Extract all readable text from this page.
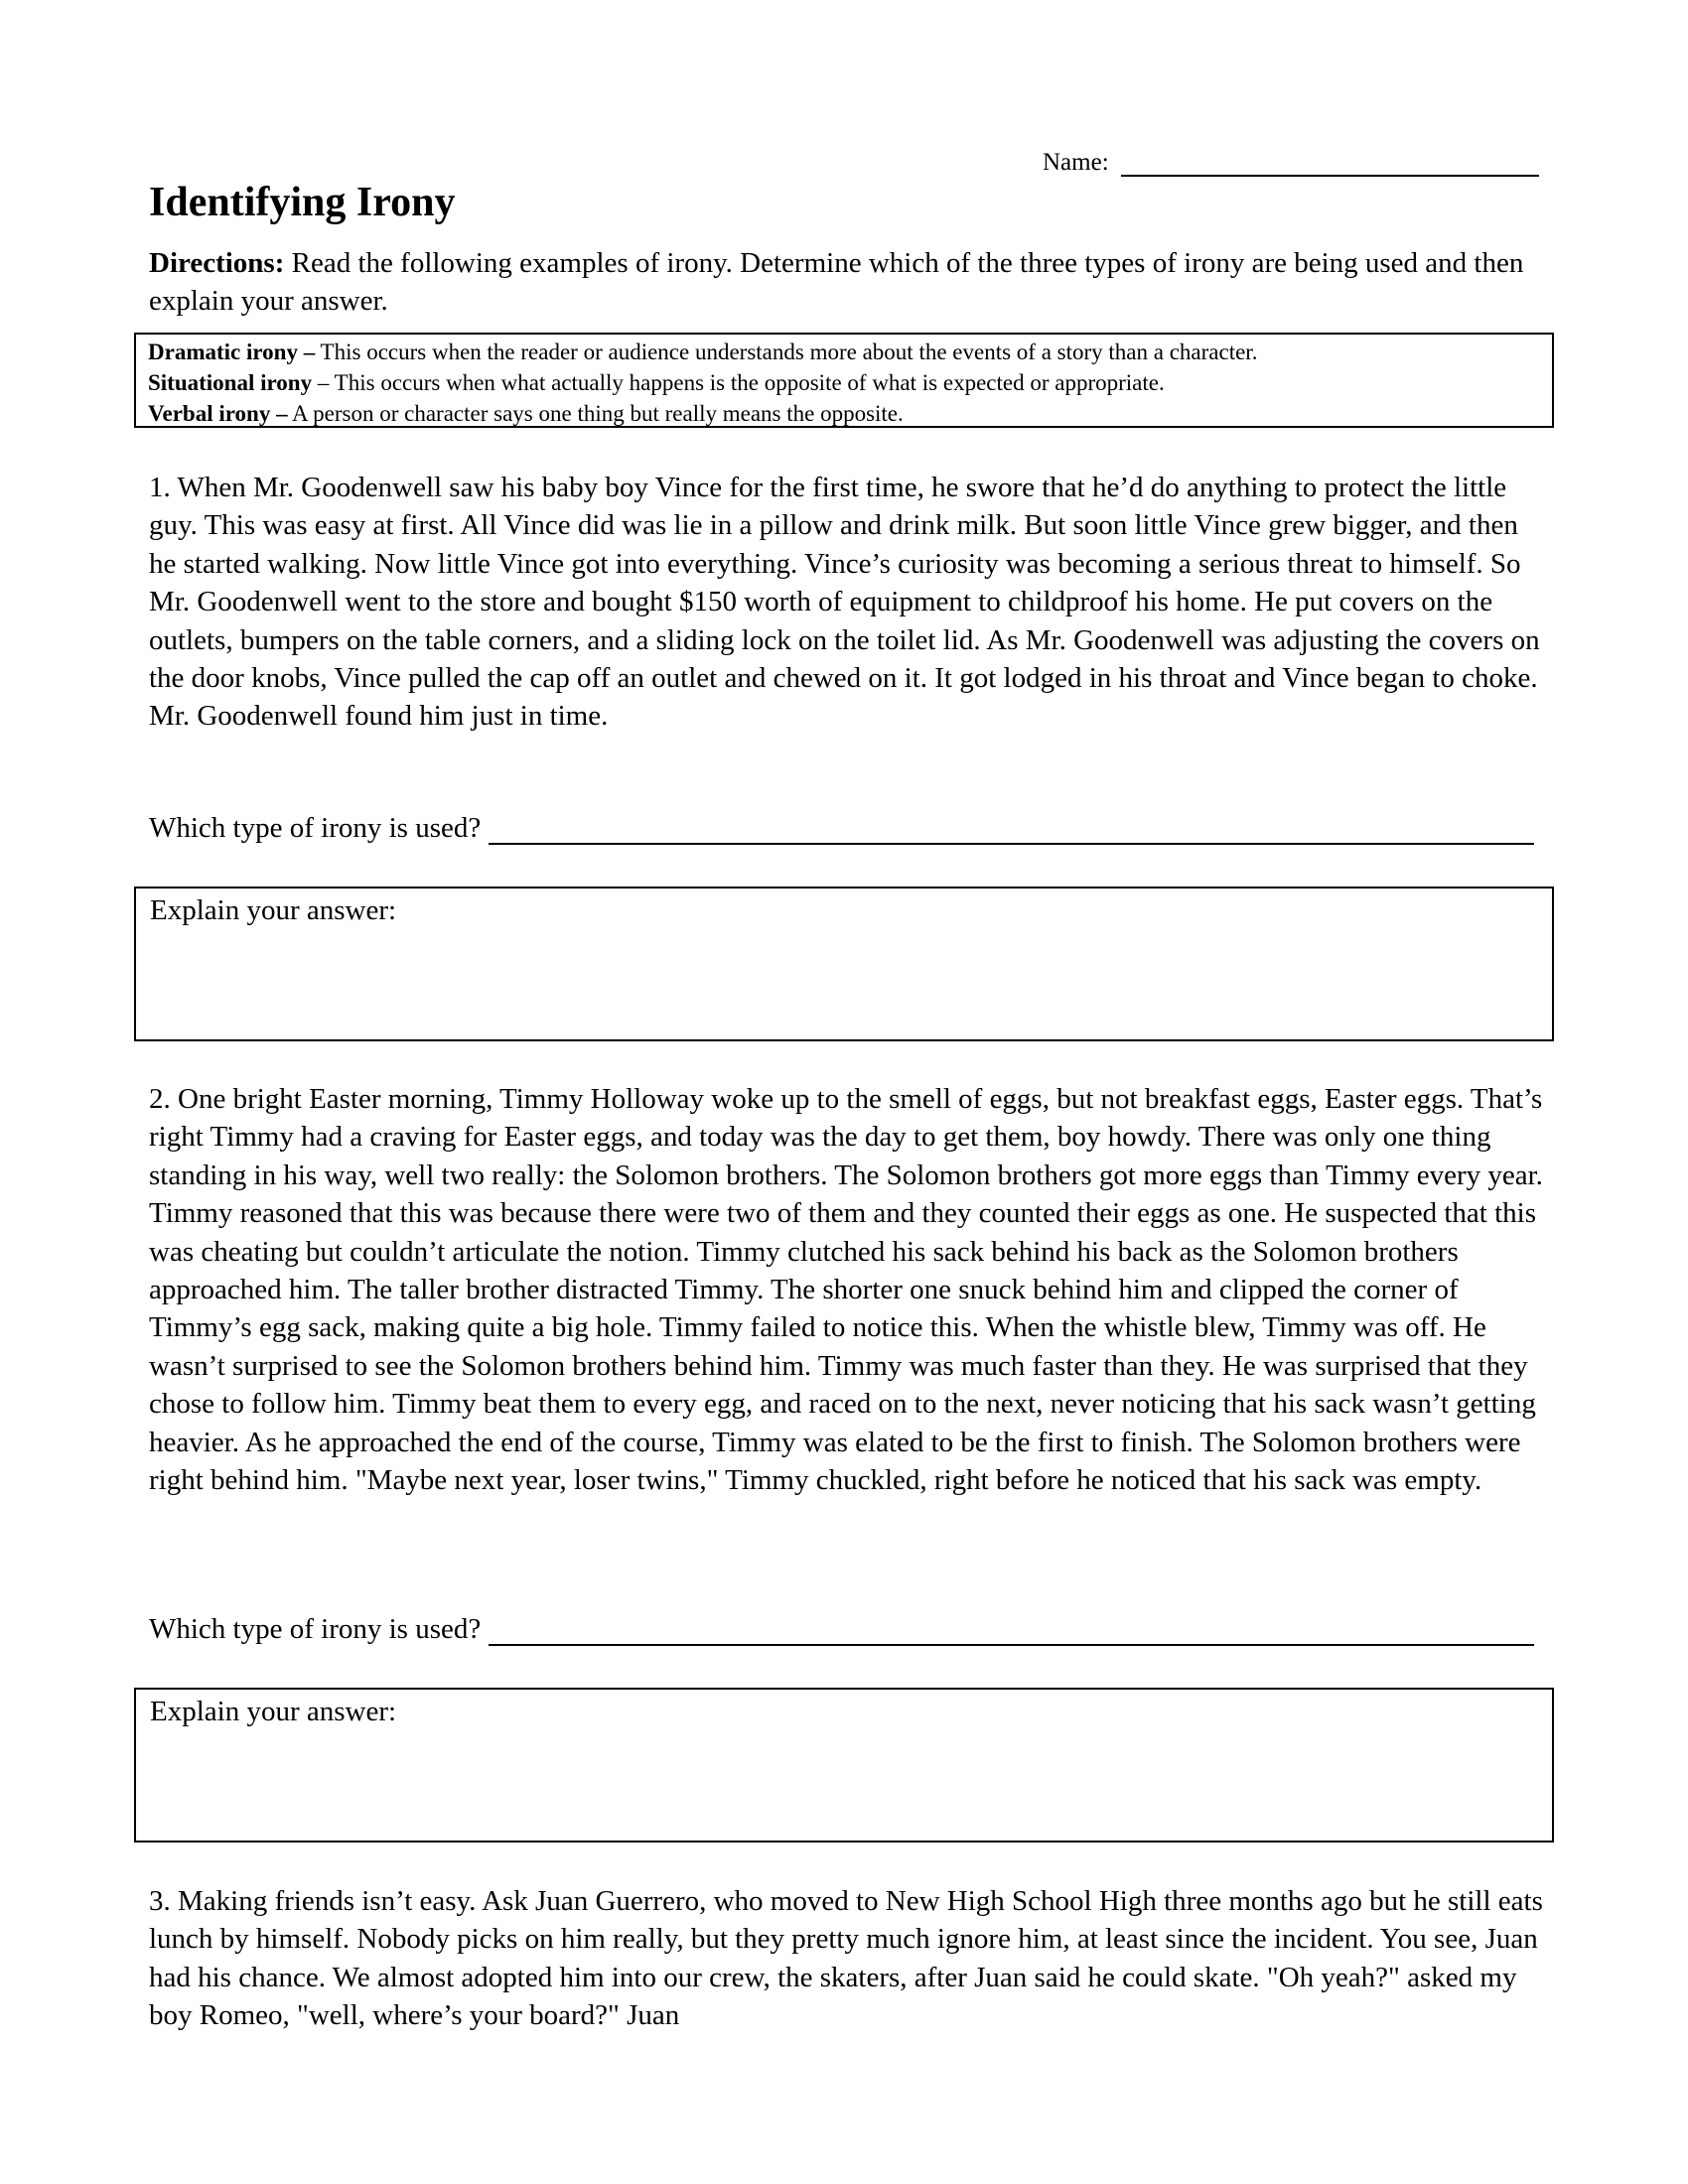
Name:
Identifying Irony

Directions: Read the following examples of irony. Determine which of the three types of irony are being used and then explain your answer.

Dramatic irony – This occurs when the reader or audience understands more about the events of a story than a character.

Situational irony – This occurs when what actually happens is the opposite of what is expected or appropriate.

Verbal irony – A person or character says one thing but really means the opposite.

1. When Mr. Goodenwell saw his baby boy Vince for the first time, he swore that he’d do anything to protect the little guy. This was easy at first. All Vince did was lie in a pillow and drink milk. But soon little Vince grew bigger, and then he started walking. Now little Vince got into everything. Vince’s curiosity was becoming a serious threat to himself. So Mr. Goodenwell went to the store and bought $150 worth of equipment to childproof his home. He put covers on the outlets, bumpers on the table corners, and a sliding lock on the toilet lid. As Mr. Goodenwell was adjusting the covers on the door knobs, Vince pulled the cap off an outlet and chewed on it. It got lodged in his throat and Vince began to choke. Mr. Goodenwell found him just in time.

Which type of irony is used?
Explain your answer:

2. One bright Easter morning, Timmy Holloway woke up to the smell of eggs, but not breakfast eggs, Easter eggs. That’s right Timmy had a craving for Easter eggs, and today was the day to get them, boy howdy. There was only one thing standing in his way, well two really: the Solomon brothers. The Solomon brothers got more eggs than Timmy every year. Timmy reasoned that this was because there were two of them and they counted their eggs as one. He suspected that this was cheating but couldn’t articulate the notion. Timmy clutched his sack behind his back as the Solomon brothers approached him. The taller brother distracted Timmy. The shorter one snuck behind him and clipped the corner of Timmy’s egg sack, making quite a big hole. Timmy failed to notice this. When the whistle blew, Timmy was off. He wasn’t surprised to see the Solomon brothers behind him. Timmy was much faster than they. He was surprised that they chose to follow him. Timmy beat them to every egg, and raced on to the next, never noticing that his sack wasn’t getting heavier. As he approached the end of the course, Timmy was elated to be the first to finish. The Solomon brothers were right behind him. "Maybe next year, loser twins," Timmy chuckled, right before he noticed that his sack was empty.

Which type of irony is used?
Explain your answer:

3. Making friends isn’t easy. Ask Juan Guerrero, who moved to New High School High three months ago but he still eats lunch by himself. Nobody picks on him really, but they pretty much ignore him, at least since the incident. You see, Juan had his chance. We almost adopted him into our crew, the skaters, after Juan said he could skate. "Oh yeah?" asked my boy Romeo, "well, where’s your board?" Juan
